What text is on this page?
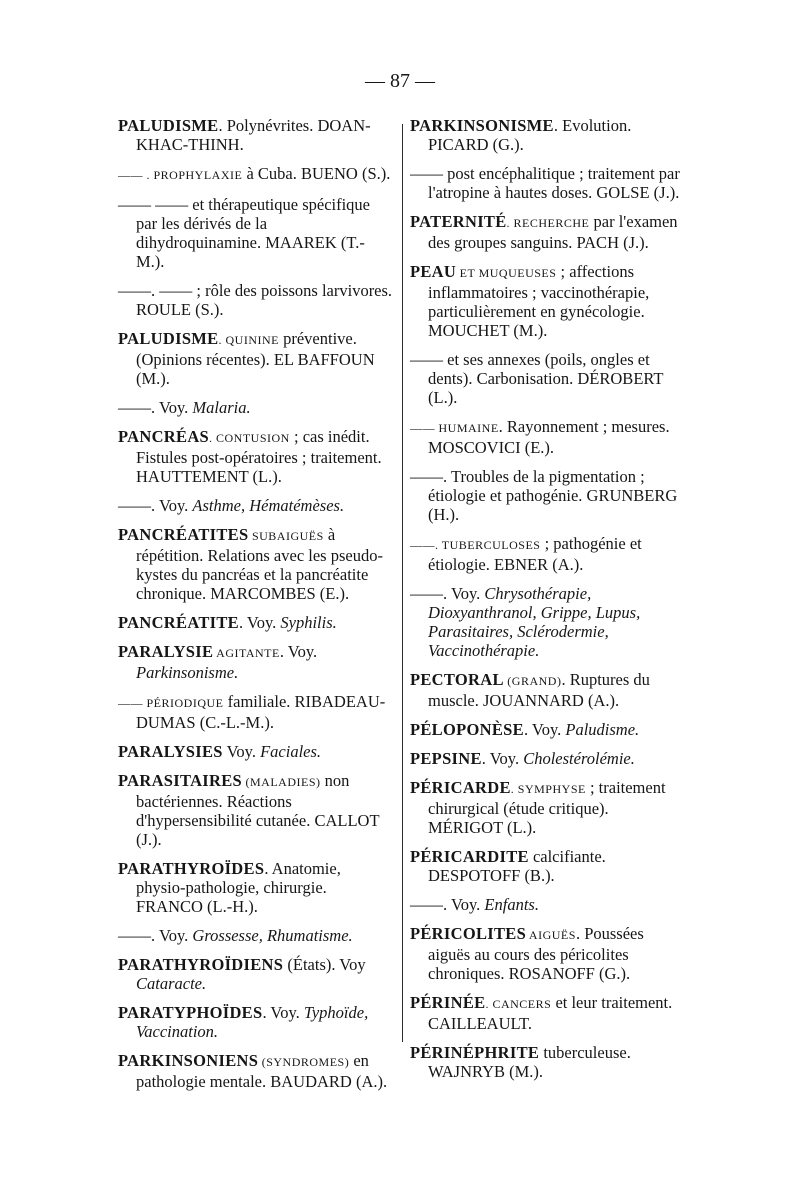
— 87 —
PALUDISME. Polynévrites. DOAN-KHAC-THINH.
—— . PROPHYLAXIE à Cuba. BUENO (S.).
—— —— et thérapeutique spécifique par les dérivés de la dihydroquinamine. MAAREK (T.-M.).
——. —— ; rôle des poissons larvivores. ROULE (S.).
PALUDISME. QUININE préventive. (Opinions récentes). EL BAFFOUN (M.).
——. Voy. Malaria.
PANCRÉAS. CONTUSION ; cas inédit. Fistules post-opératoires ; traitement. HAUTTEMENT (L.).
——. Voy. Asthme, Hématémèses.
PANCRÉATITES SUBAIGUËS à répétition. Relations avec les pseudo-kystes du pancréas et la pancréatite chronique. MARCOMBES (E.).
PANCRÉATITE. Voy. Syphilis.
PARALYSIE AGITANTE. Voy. Parkinsonisme.
—— PÉRIODIQUE familiale. RIBADEAU-DUMAS (C.-L.-M.).
PARALYSIES Voy. Faciales.
PARASITAIRES (MALADIES) non bactériennes. Réactions d'hypersensibilité cutanée. CALLOT (J.).
PARATHYROÏDES. Anatomie, physio-pathologie, chirurgie. FRANCO (L.-H.).
——. Voy. Grossesse, Rhumatisme.
PARATHYROÏDIENS (États). Voy Cataracte.
PARATYPHOÏDES. Voy. Typhoïde, Vaccination.
PARKINSONIENS (SYNDROMES) en pathologie mentale. BAUDARD (A.).
PARKINSONISME. Evolution. PICARD (G.).
—— post encéphalitique ; traitement par l'atropine à hautes doses. GOLSE (J.).
PATERNITÉ. RECHERCHE par l'examen des groupes sanguins. PACH (J.).
PEAU ET MUQUEUSES ; affections inflammatoires ; vaccinothérapie, particulièrement en gynécologie. MOUCHET (M.).
—— et ses annexes (poils, ongles et dents). Carbonisation. DÉROBERT (L.).
—— HUMAINE. Rayonnement ; mesures. MOSCOVICI (E.).
——. Troubles de la pigmentation ; étiologie et pathogénie. GRUNBERG (H.).
——. TUBERCULOSES ; pathogénie et étiologie. EBNER (A.).
——. Voy. Chrysothérapie, Dioxyanthranol, Grippe, Lupus, Parasitaires, Sclérodermie, Vaccinothérapie.
PECTORAL (GRAND). Ruptures du muscle. JOUANNARD (A.).
PÉLOPONÈSE. Voy. Paludisme.
PEPSINE. Voy. Cholestérolémie.
PÉRICARDE. SYMPHYSE ; traitement chirurgical (étude critique). MÉRIGOT (L.).
PÉRICARDITE calcifiante. DESPOTOFF (B.).
——. Voy. Enfants.
PÉRICOLITES AIGUËS. Poussées aiguës au cours des péricolites chroniques. ROSANOFF (G.).
PÉRINÉE. CANCERS et leur traitement. CAILLEAULT.
PÉRINÉPHRITE tuberculeuse. WAJNRYB (M.).
